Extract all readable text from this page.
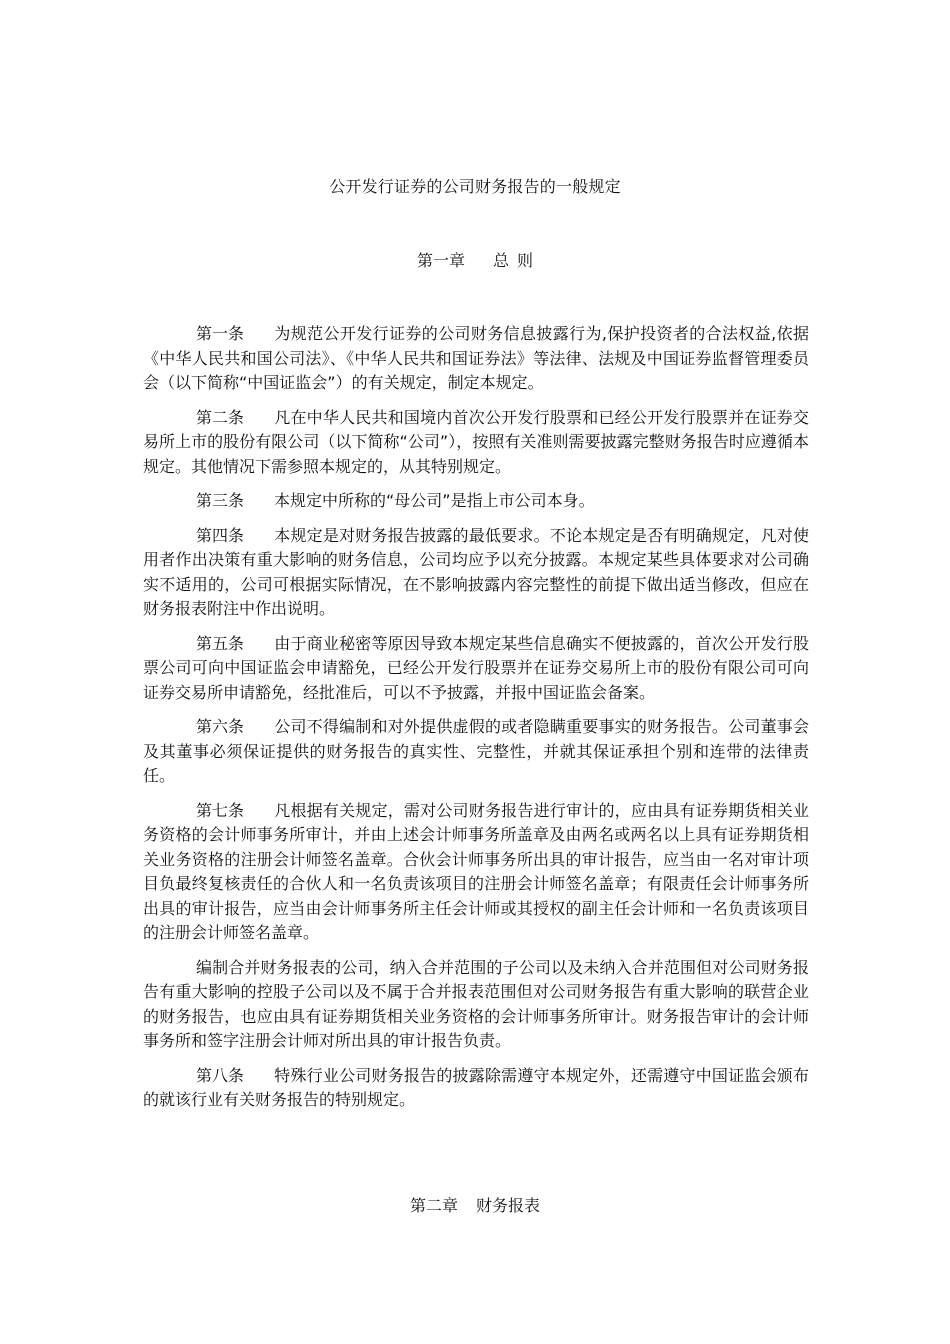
公开发行证券的公司财务报告的一般规定
第一章 总 则

第一条 为规范公开发行证券的公司财务信息披露行为,保护投资者的合法权益,依据《中华人民共和国公司法》、《中华人民共和国证券法》等法律、法规及中国证券监督管理委员会（以下简称“中国证监会”）的有关规定，制定本规定。

第二条 凡在中华人民共和国境内首次公开发行股票和已经公开发行股票并在证券交易所上市的股份有限公司（以下简称“公司”），按照有关准则需要披露完整财务报告时应遵循本规定。其他情况下需参照本规定的，从其特别规定。

第三条 本规定中所称的“母公司”是指上市公司本身。

第四条 本规定是对财务报告披露的最低要求。不论本规定是否有明确规定，凡对使用者作出决策有重大影响的财务信息，公司均应予以充分披露。本规定某些具体要求对公司确实不适用的，公司可根据实际情况，在不影响披露内容完整性的前提下做出适当修改，但应在财务报表附注中作出说明。

第五条 由于商业秘密等原因导致本规定某些信息确实不便披露的，首次公开发行股票公司可向中国证监会申请豁免，已经公开发行股票并在证券交易所上市的股份有限公司可向证券交易所申请豁免，经批准后，可以不予披露，并报中国证监会备案。

第六条 公司不得编制和对外提供虚假的或者隐瞒重要事实的财务报告。公司董事会及其董事必须保证提供的财务报告的真实性、完整性，并就其保证承担个别和连带的法律责任。

第七条 凡根据有关规定，需对公司财务报告进行审计的，应由具有证券期货相关业务资格的会计师事务所审计，并由上述会计师事务所盖章及由两名或两名以上具有证券期货相关业务资格的注册会计师签名盖章。合伙会计师事务所出具的审计报告，应当由一名对审计项目负最终复核责任的合伙人和一名负责该项目的注册会计师签名盖章；有限责任会计师事务所出具的审计报告，应当由会计师事务所主任会计师或其授权的副主任会计师和一名负责该项目的注册会计师签名盖章。

编制合并财务报表的公司，纳入合并范围的子公司以及未纳入合并范围但对公司财务报告有重大影响的控股子公司以及不属于合并报表范围但对公司财务报告有重大影响的联营企业的财务报告，也应由具有证券期货相关业务资格的会计师事务所审计。财务报告审计的会计师事务所和签字注册会计师对所出具的审计报告负责。

第八条 特殊行业公司财务报告的披露除需遵守本规定外，还需遵守中国证监会颁布的就该行业有关财务报告的特别规定。

第二章 财务报表
